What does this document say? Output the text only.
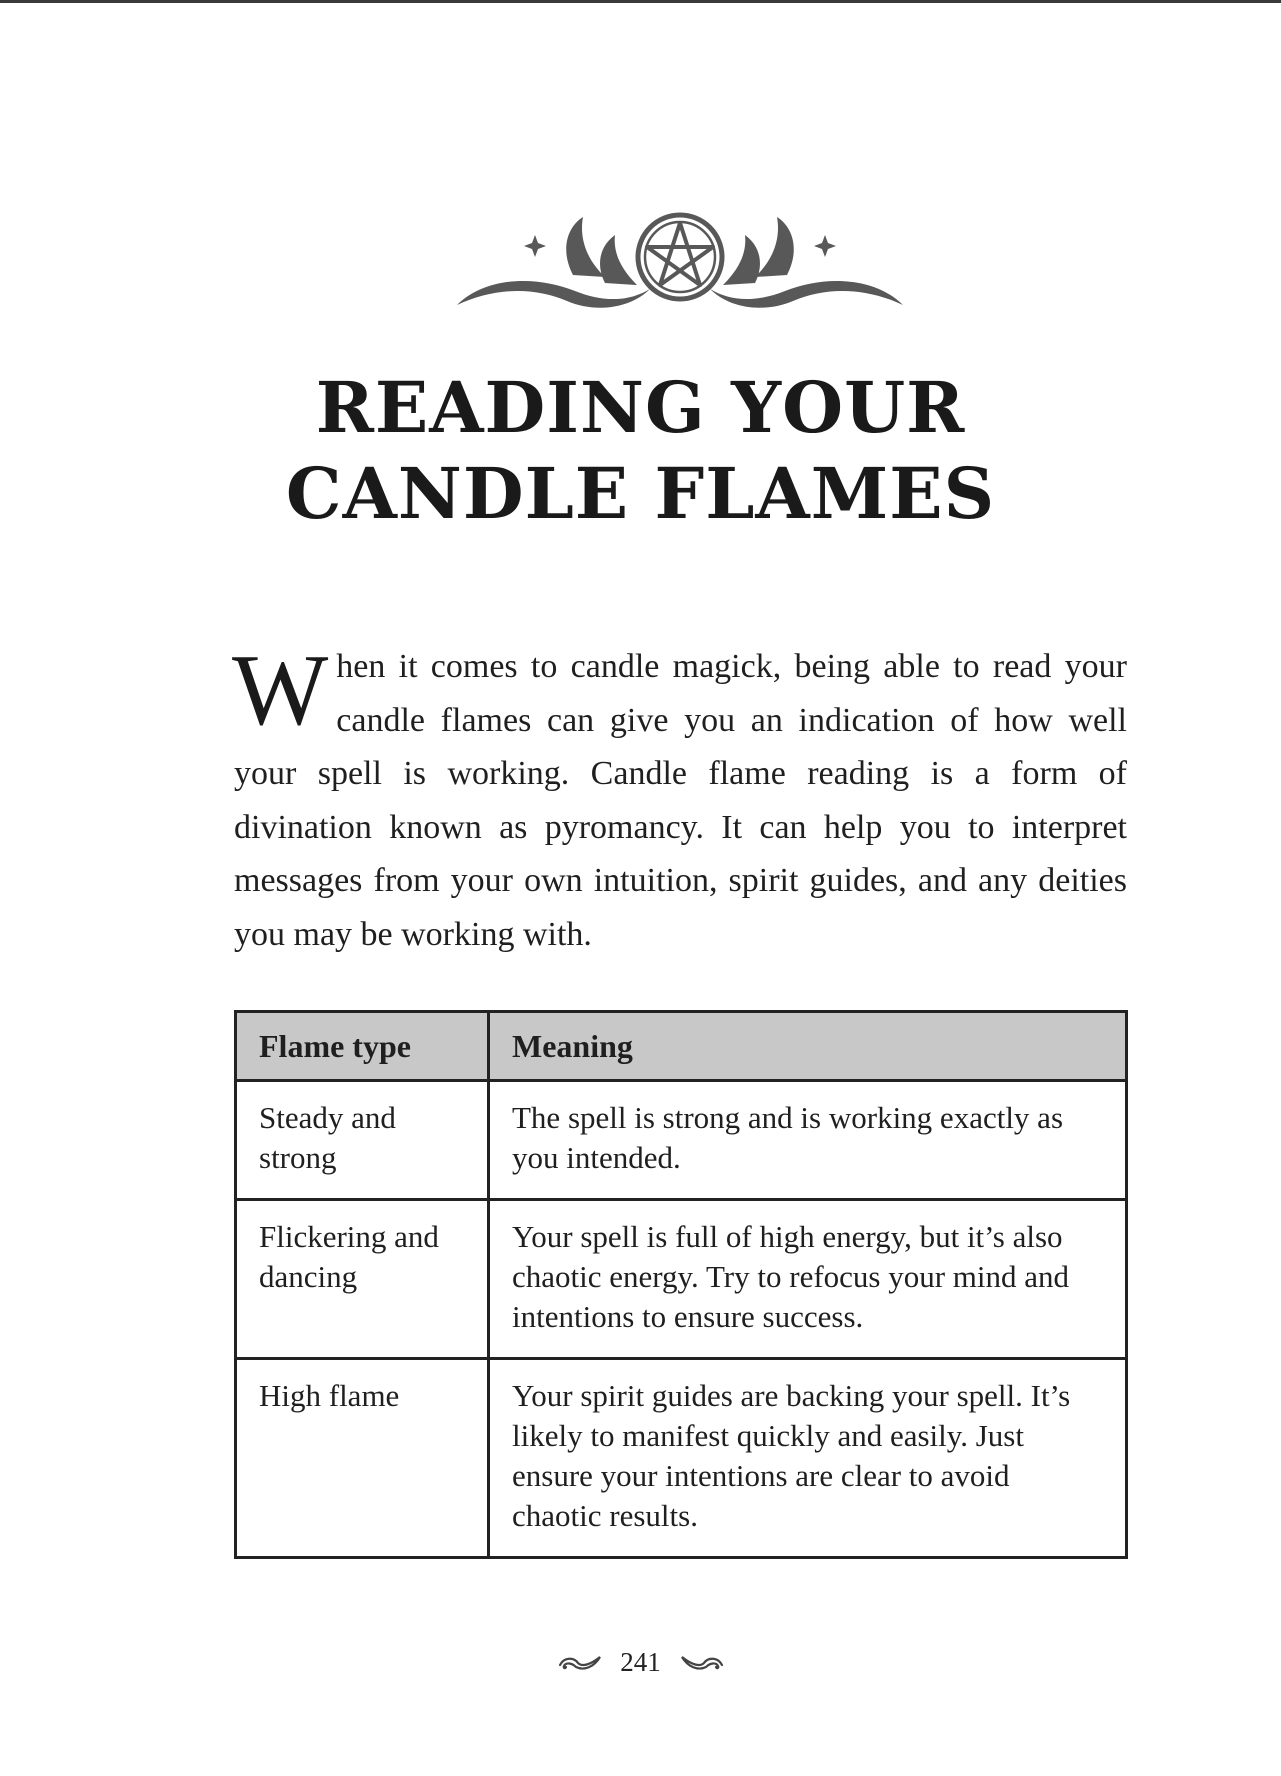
READING YOUR
CANDLE FLAMES
When it comes to candle magick, being able to read your candle flames can give you an indication of how well your spell is working. Candle flame reading is a form of divination known as pyromancy. It can help you to interpret messages from your own intuition, spirit guides, and any deities you may be working with.
Flame type	Meaning
Steady and strong	The spell is strong and is working exactly as you intended.
Flickering and dancing	Your spell is full of high energy, but it’s also chaotic energy. Try to refocus your mind and intentions to ensure success.
High flame	Your spirit guides are backing your spell. It’s likely to manifest quickly and easily. Just ensure your intentions are clear to avoid chaotic results.
241
